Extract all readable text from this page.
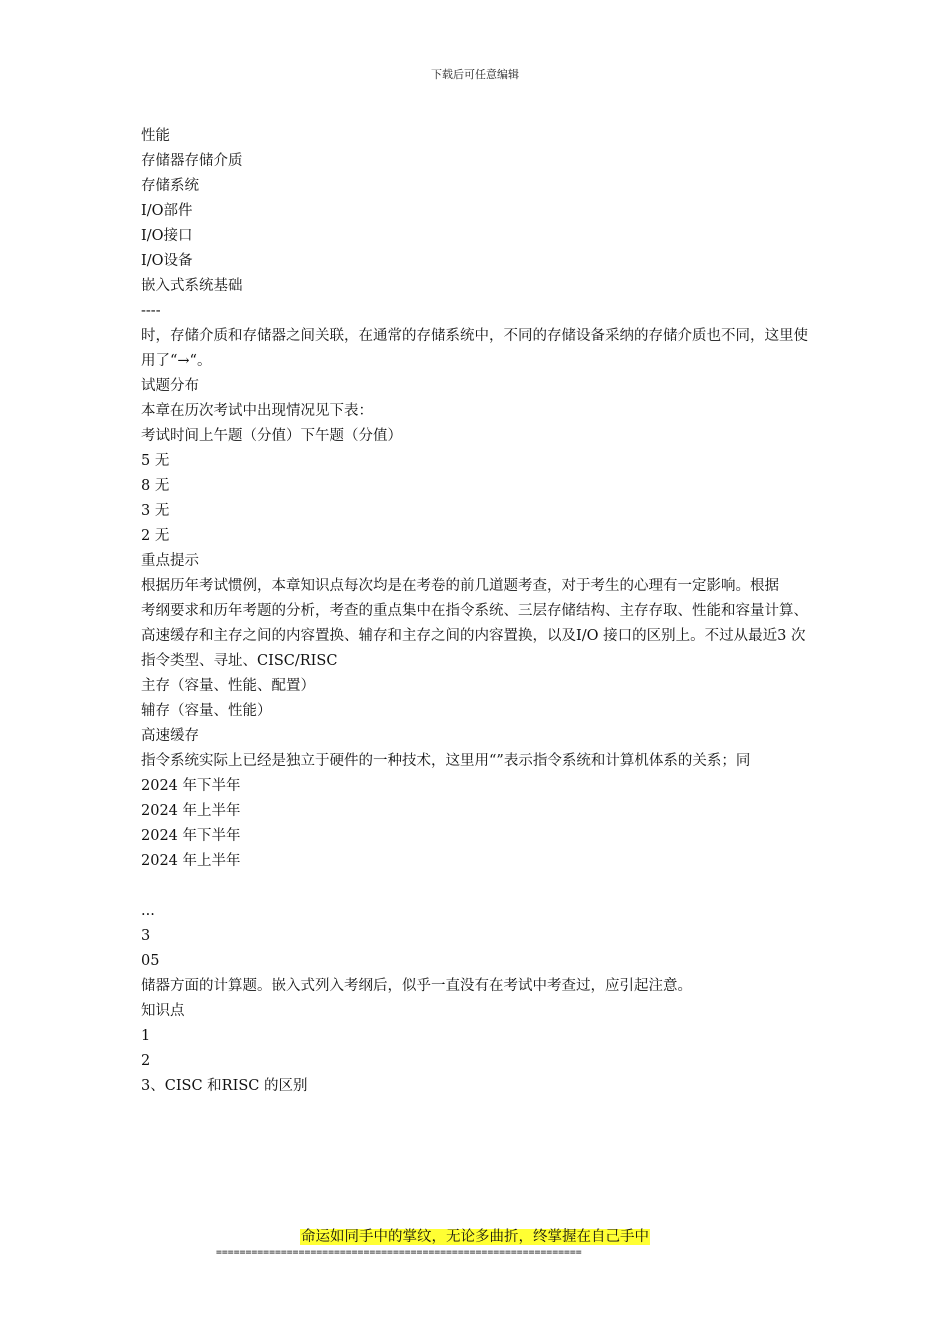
下载后可任意编辑

性能

存储器存储介质

存储系统

I/O部件

I/O接口

I/O设备

嵌入式系统基础

----

时，存储介质和存储器之间关联，在通常的存储系统中，不同的存储设备采纳的存储介质也不同，这里使

用了“→“。

试题分布

本章在历次考试中出现情况见下表：

考试时间上午题（分值）下午题（分值）

5 无

8 无

3 无

2 无

重点提示

根据历年考试惯例，本章知识点每次均是在考卷的前几道题考查，对于考生的心理有一定影响。根据

考纲要求和历年考题的分析，考查的重点集中在指令系统、三层存储结构、主存存取、性能和容量计算、

高速缓存和主存之间的内容置换、辅存和主存之间的内容置换，以及I/O 接口的区别上。不过从最近3 次

指令类型、寻址、CISC/RISC

主存（容量、性能、配置）

辅存（容量、性能）

高速缓存

指令系统实际上已经是独立于硬件的一种技术，这里用“”表示指令系统和计算机体系的关系；同

2024 年下半年

2024 年上半年

2024 年下半年

2024 年上半年

...

3

05

储器方面的计算题。嵌入式列入考纲后，似乎一直没有在考试中考查过，应引起注意。

知识点

1

2

3、CISC 和RISC 的区别

命运如同手中的掌纹，无论多曲折，终掌握在自己手中
==============================================================
